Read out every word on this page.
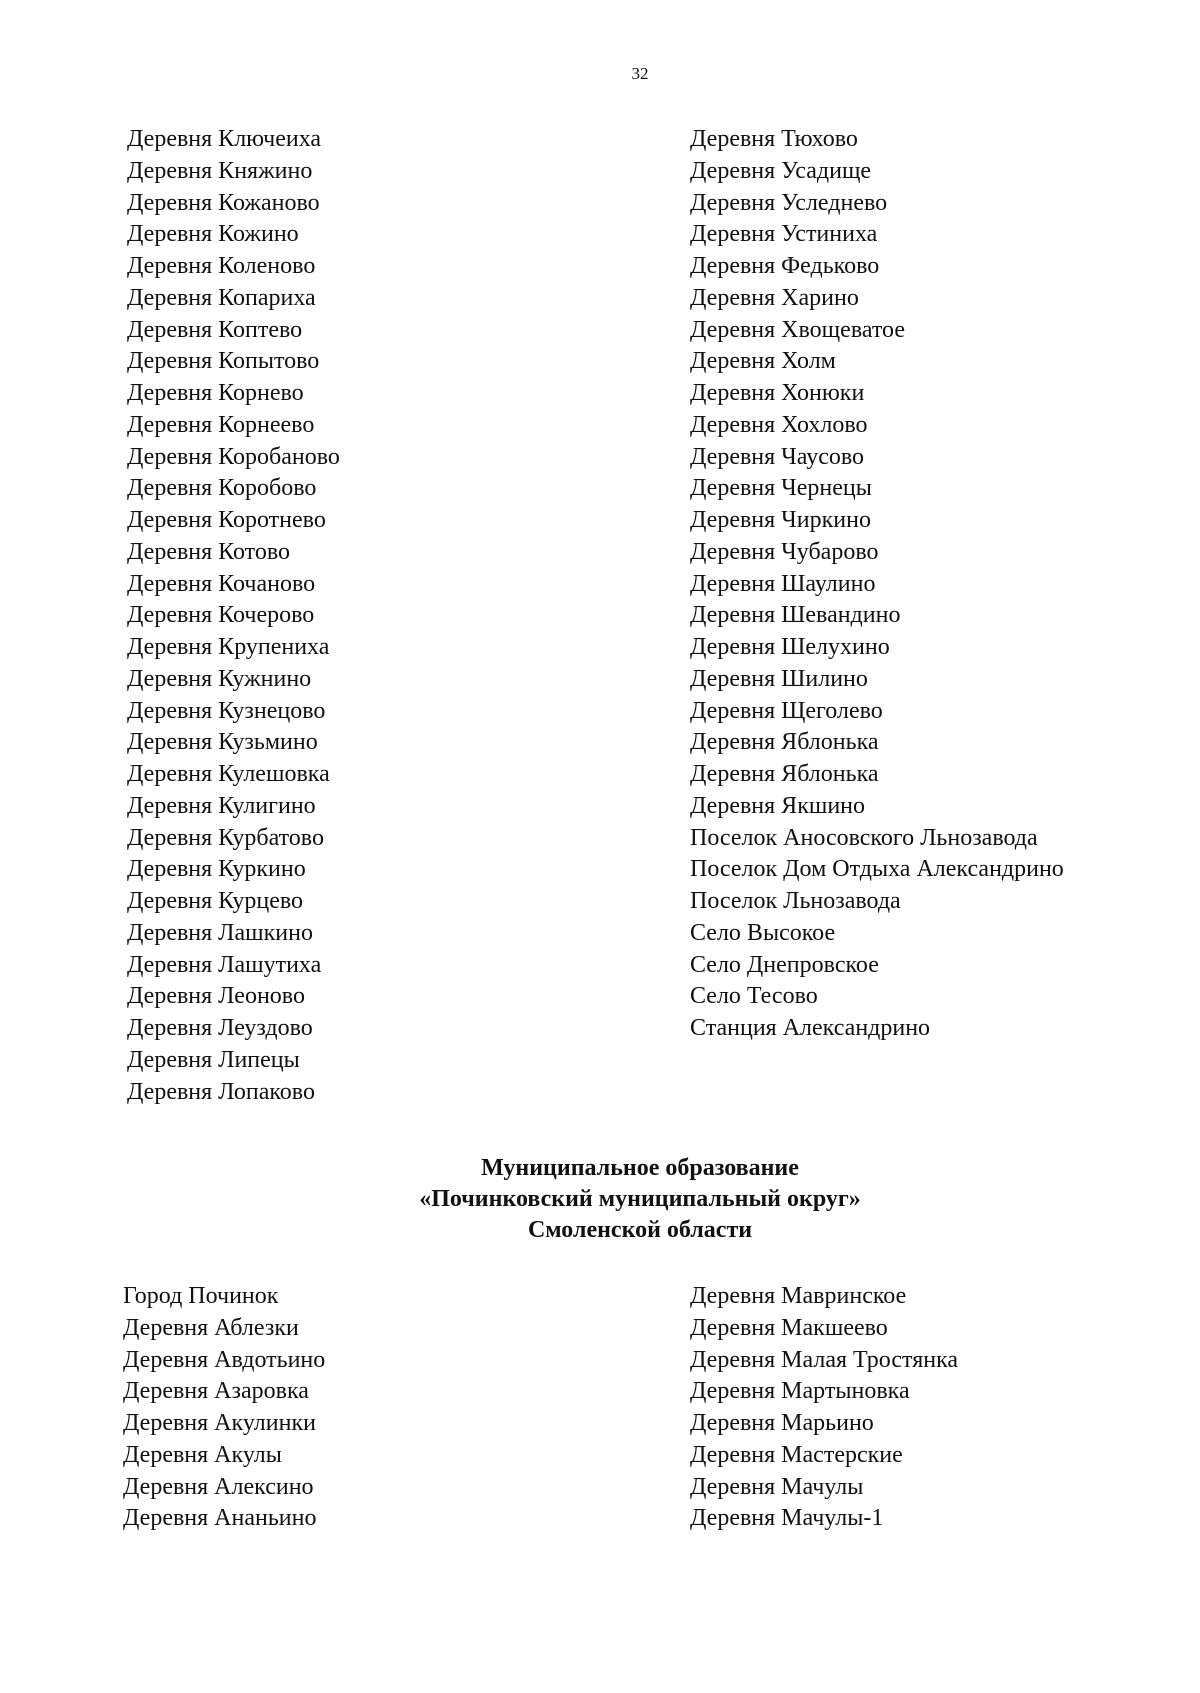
32
Деревня Ключеиха
Деревня Княжино
Деревня Кожаново
Деревня Кожино
Деревня Коленово
Деревня Копариха
Деревня Коптево
Деревня Копытово
Деревня Корнево
Деревня Корнеево
Деревня Коробаново
Деревня Коробово
Деревня Коротнево
Деревня Котово
Деревня Кочаново
Деревня Кочерово
Деревня Крупениха
Деревня Кужнино
Деревня Кузнецово
Деревня Кузьмино
Деревня Кулешовка
Деревня Кулигино
Деревня Курбатово
Деревня Куркино
Деревня Курцево
Деревня Лашкино
Деревня Лашутиха
Деревня Леоново
Деревня Леуздово
Деревня Липецы
Деревня Лопаково
Деревня Тюхово
Деревня Усадище
Деревня Уследнево
Деревня Устиниха
Деревня Федьково
Деревня Харино
Деревня Хвощеватое
Деревня Холм
Деревня Хонюки
Деревня Хохлово
Деревня Чаусово
Деревня Чернецы
Деревня Чиркино
Деревня Чубарово
Деревня Шаулино
Деревня Шевандино
Деревня Шелухино
Деревня Шилино
Деревня Щеголево
Деревня Яблонька
Деревня Яблонька
Деревня Якшино
Поселок Аносовского Льнозавода
Поселок Дом Отдыха Александрино
Поселок Льнозавода
Село Высокое
Село Днепровское
Село Тесово
Станция Александрино
Муниципальное образование
«Починковский муниципальный округ»
Смоленской области
Город Починок
Деревня Аблезки
Деревня Авдотьино
Деревня Азаровка
Деревня Акулинки
Деревня Акулы
Деревня Алексино
Деревня Ананьино
Деревня Мавринское
Деревня Макшеево
Деревня Малая Тростянка
Деревня Мартыновка
Деревня Марьино
Деревня Мастерские
Деревня Мачулы
Деревня Мачулы-1
